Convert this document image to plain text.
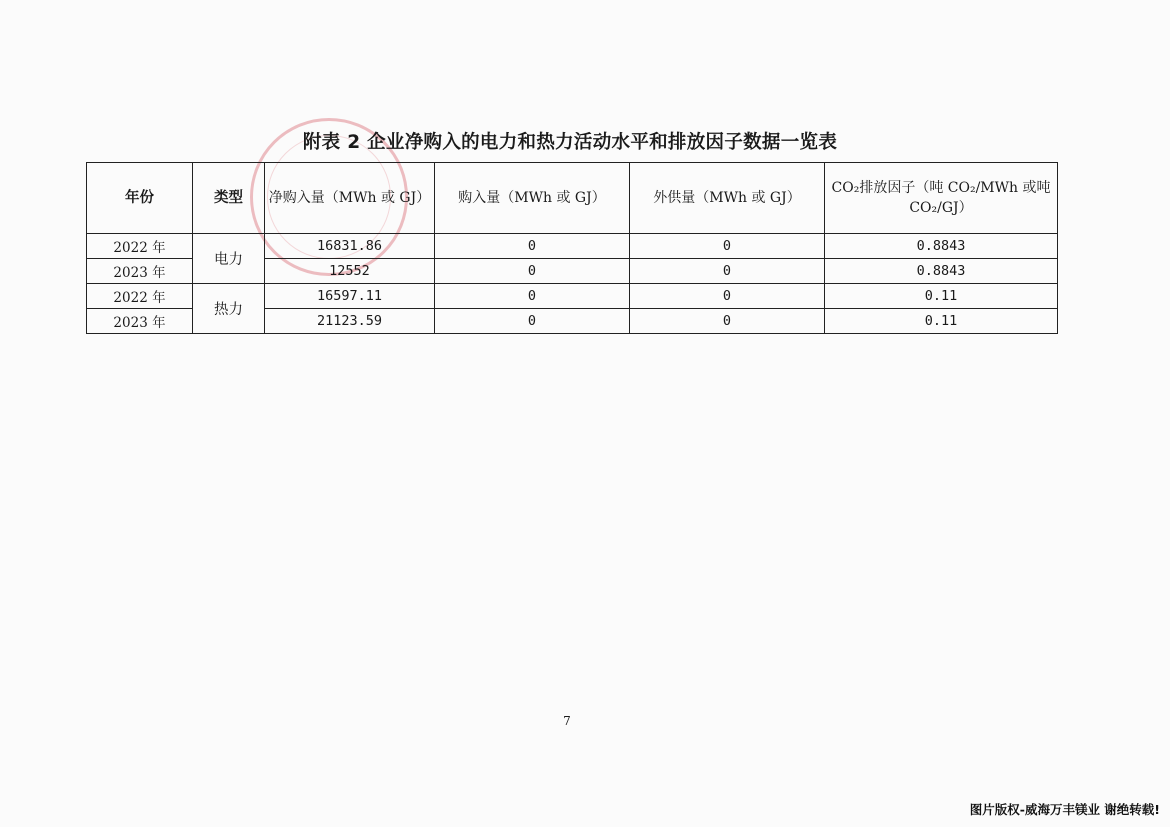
附表 2 企业净购入的电力和热力活动水平和排放因子数据一览表
年份	类型	净购入量（MWh 或 GJ）	购入量（MWh 或 GJ）	外供量（MWh 或 GJ）	CO₂排放因子（吨 CO₂/MWh 或吨
CO₂/GJ）
2022 年	电力	16831.86	0	0	0.8843
2023 年		12552	0	0	0.8843
2022 年	热力	16597.11	0	0	0.11
2023 年		21123.59	0	0	0.11
7
图片版权-威海万丰镁业 谢绝转载!
